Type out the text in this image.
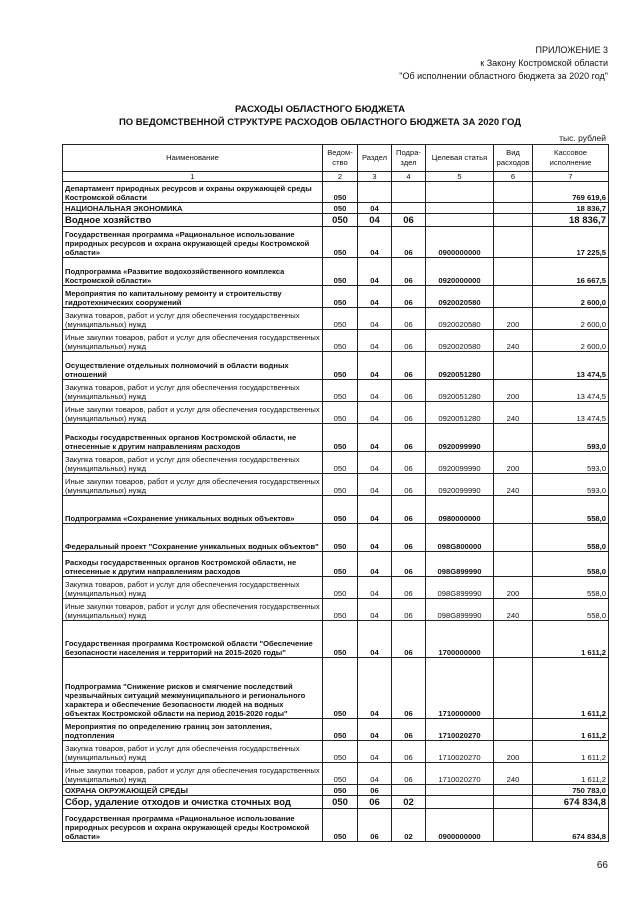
ПРИЛОЖЕНИЕ 3
к Закону Костромской области
"Об исполнении областного бюджета за 2020 год"
РАСХОДЫ ОБЛАСТНОГО БЮДЖЕТА
ПО ВЕДОМСТВЕННОЙ СТРУКТУРЕ РАСХОДОВ ОБЛАСТНОГО БЮДЖЕТА ЗА 2020 ГОД
тыс. рублей
Наименование	Ведом-ство	Раздел	Подра-здел	Целевая статья	Вид расходов	Кассовое исполнение
1	2	3	4	5	6	7
Департамент природных ресурсов и охраны окружающей среды Костромской области	050					769 619,6
НАЦИОНАЛЬНАЯ ЭКОНОМИКА	050	04				18 836,7
Водное хозяйство	050	04	06			18 836,7
Государственная программа «Рациональное использование природных ресурсов и охрана окружающей среды Костромской области»	050	04	06	0900000000		17 225,5
Подпрограмма «Развитие водохозяйственного комплекса Костромской области»	050	04	06	0920000000		16 667,5
Мероприятия по капитальному ремонту и строительству гидротехнических сооружений	050	04	06	0920020580		2 600,0
Закупка товаров, работ и услуг для обеспечения государственных (муниципальных) нужд	050	04	06	0920020580	200	2 600,0
Иные закупки товаров, работ и услуг для обеспечения государственных (муниципальных) нужд	050	04	06	0920020580	240	2 600,0
Осуществление отдельных полномочий в области водных отношений	050	04	06	0920051280		13 474,5
Закупка товаров, работ и услуг для обеспечения государственных (муниципальных) нужд	050	04	06	0920051280	200	13 474,5
Иные закупки товаров, работ и услуг для обеспечения государственных (муниципальных) нужд	050	04	06	0920051280	240	13 474,5
Расходы государственных органов Костромской области, не отнесенные к другим направлениям расходов	050	04	06	0920099990		593,0
Закупка товаров, работ и услуг для обеспечения государственных (муниципальных) нужд	050	04	06	0920099990	200	593,0
Иные закупки товаров, работ и услуг для обеспечения государственных (муниципальных) нужд	050	04	06	0920099990	240	593,0
Подпрограмма «Сохранение уникальных водных объектов»	050	04	06	0980000000		558,0
Федеральный проект "Сохранение уникальных водных объектов"	050	04	06	098G800000		558,0
Расходы государственных органов Костромской области, не отнесенные к другим направлениям расходов	050	04	06	098G899990		558,0
Закупка товаров, работ и услуг для обеспечения государственных (муниципальных) нужд	050	04	06	098G899990	200	558,0
Иные закупки товаров, работ и услуг для обеспечения государственных (муниципальных) нужд	050	04	06	098G899990	240	558,0
Государственная программа Костромской области "Обеспечение безопасности населения и территорий на 2015-2020 годы"	050	04	06	1700000000		1 611,2
Подпрограмма "Снижение рисков и смягчение последствий чрезвычайных ситуаций межмуниципального и регионального характера и обеспечение безопасности людей на водных объектах Костромской области на период 2015-2020 годы"	050	04	06	1710000000		1 611,2
Мероприятия по определению границ зон затопления, подтопления	050	04	06	1710020270		1 611,2
Закупка товаров, работ и услуг для обеспечения государственных (муниципальных) нужд	050	04	06	1710020270	200	1 611,2
Иные закупки товаров, работ и услуг для обеспечения государственных (муниципальных) нужд	050	04	06	1710020270	240	1 611,2
ОХРАНА ОКРУЖАЮЩЕЙ СРЕДЫ	050	06				750 783,0
Сбор, удаление отходов и очистка сточных вод	050	06	02			674 834,8
Государственная программа «Рациональное использование природных ресурсов и охрана окружающей среды Костромской области»	050	06	02	0900000000		674 834,8
66
